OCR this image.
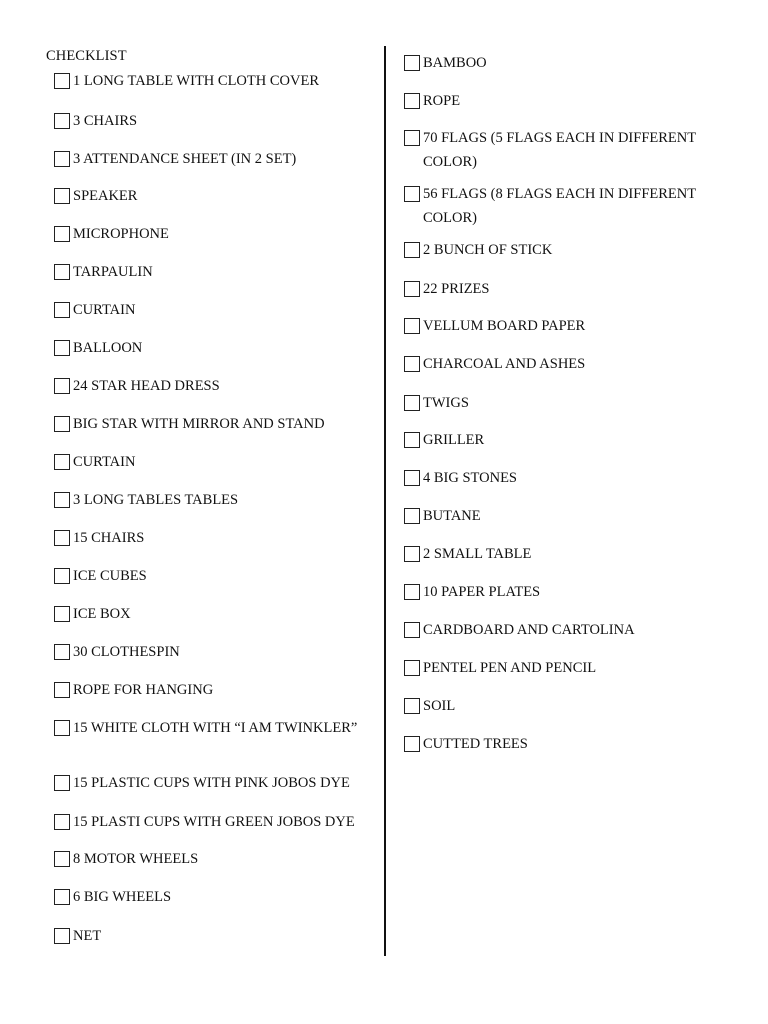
CHECKLIST
1 LONG TABLE WITH CLOTH COVER
3 CHAIRS
3 ATTENDANCE SHEET (IN 2 SET)
SPEAKER
MICROPHONE
TARPAULIN
CURTAIN
BALLOON
24 STAR HEAD DRESS
BIG STAR WITH MIRROR AND STAND
CURTAIN
3 LONG TABLES TABLES
15 CHAIRS
ICE CUBES
ICE BOX
30 CLOTHESPIN
ROPE FOR HANGING
15 WHITE CLOTH WITH “I AM TWINKLER”
15 PLASTIC CUPS WITH PINK JOBOS DYE
15 PLASTI CUPS WITH GREEN JOBOS DYE
8 MOTOR WHEELS
6 BIG WHEELS
NET
BAMBOO
ROPE
70 FLAGS (5 FLAGS EACH IN DIFFERENT COLOR)
56 FLAGS (8 FLAGS EACH IN DIFFERENT COLOR)
2 BUNCH OF STICK
22 PRIZES
VELLUM BOARD PAPER
CHARCOAL AND ASHES
TWIGS
GRILLER
4 BIG STONES
BUTANE
2 SMALL TABLE
10 PAPER PLATES
CARDBOARD AND CARTOLINA
PENTEL PEN AND PENCIL
SOIL
CUTTED TREES
